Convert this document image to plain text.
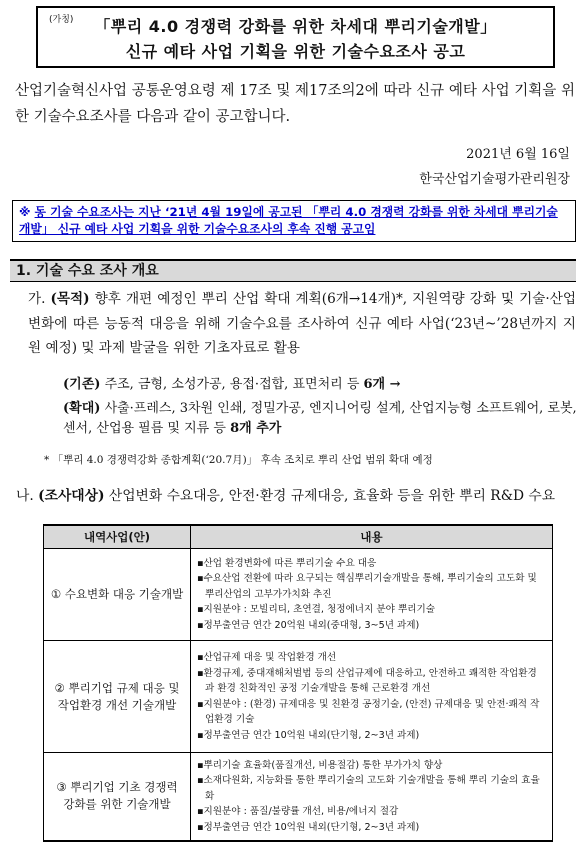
(가칭)	「뿌리 4.0 경쟁력 강화를 위한 차세대 뿌리기술개발」
신규 예타 사업 기획을 위한 기술수요조사 공고
산업기술혁신사업 공통운영요령 제 17조 및 제17조의2에 따라 신규 예타 사업 기획을 위한 기술수요조사를 다음과 같이 공고합니다.
2021년 6월 16일
한국산업기술평가관리원장
※ 동 기술 수요조사는 지난 ‘21년 4월 19일에 공고된 「뿌리 4.0 경쟁력 강화를 위한 차세대 뿌리기술개발」 신규 예타 사업 기획을 위한 기술수요조사의 후속 진행 공고임
1. 기술 수요 조사 개요
가. (목적) 향후 개편 예정인 뿌리 산업 확대 계획(6개→14개)*, 지원역량 강화 및 기술·산업 변화에 따른 능동적 대응을 위해 기술수요를 조사하여 신규 예타 사업(‘23년~’28년까지 지원 예정) 및 과제 발굴을 위한 기초자료로 활용
(기존) 주조, 금형, 소성가공, 용접·접합, 표면처리 등 6개 →
(확대) 사출·프레스, 3차원 인쇄, 정밀가공, 엔지니어링 설계, 산업지능형 소프트웨어, 로봇, 센서, 산업용 필름 및 지류 등 8개 추가
* 「뿌리 4.0 경쟁력강화 종합계획(‘20.7月)」 후속 조치로 뿌리 산업 범위 확대 예정
나. (조사대상) 산업변화 수요대응, 안전·환경 규제대응, 효율화 등을 위한 뿌리 R&D 수요
내역사업(안)	내용
① 수요변화 대응 기술개발	▪산업 환경변화에 따른 뿌리기술 수요 대응
▪수요산업 전환에 따라 요구되는 핵심뿌리기술개발을 통해, 뿌리기술의 고도화 및 뿌리산업의 고부가가치화 추진
▪지원분야 : 모빌리티, 초연결, 청정에너지 분야 뿌리기술
▪정부출연금 연간 20억원 내외(중대형, 3~5년 과제)

② 뿌리기업 규제 대응 및 작업환경 개선 기술개발	▪산업규제 대응 및 작업환경 개선
▪환경규제, 중대재해처벌법 등의 산업규제에 대응하고, 안전하고 쾌적한 작업환경과 환경 친화적인 공정 기술개발을 통해 근로환경 개선
▪지원분야 : (환경) 규제대응 및 친환경 공정기술, (안전) 규제대응 및 안전·쾌적 작업환경 기술
▪정부출연금 연간 10억원 내외(단기형, 2~3년 과제)

③ 뿌리기업 기초 경쟁력 강화를 위한 기술개발	▪뿌리기술 효율화(품질개선, 비용절감) 통한 부가가치 향상
▪소재다원화, 지능화를 통한 뿌리기술의 고도화 기술개발을 통해 뿌리 기술의 효율화
▪지원분야 : 품질/불량률 개선, 비용/에너지 절감
▪정부출연금 연간 10억원 내외(단기형, 2~3년 과제)
